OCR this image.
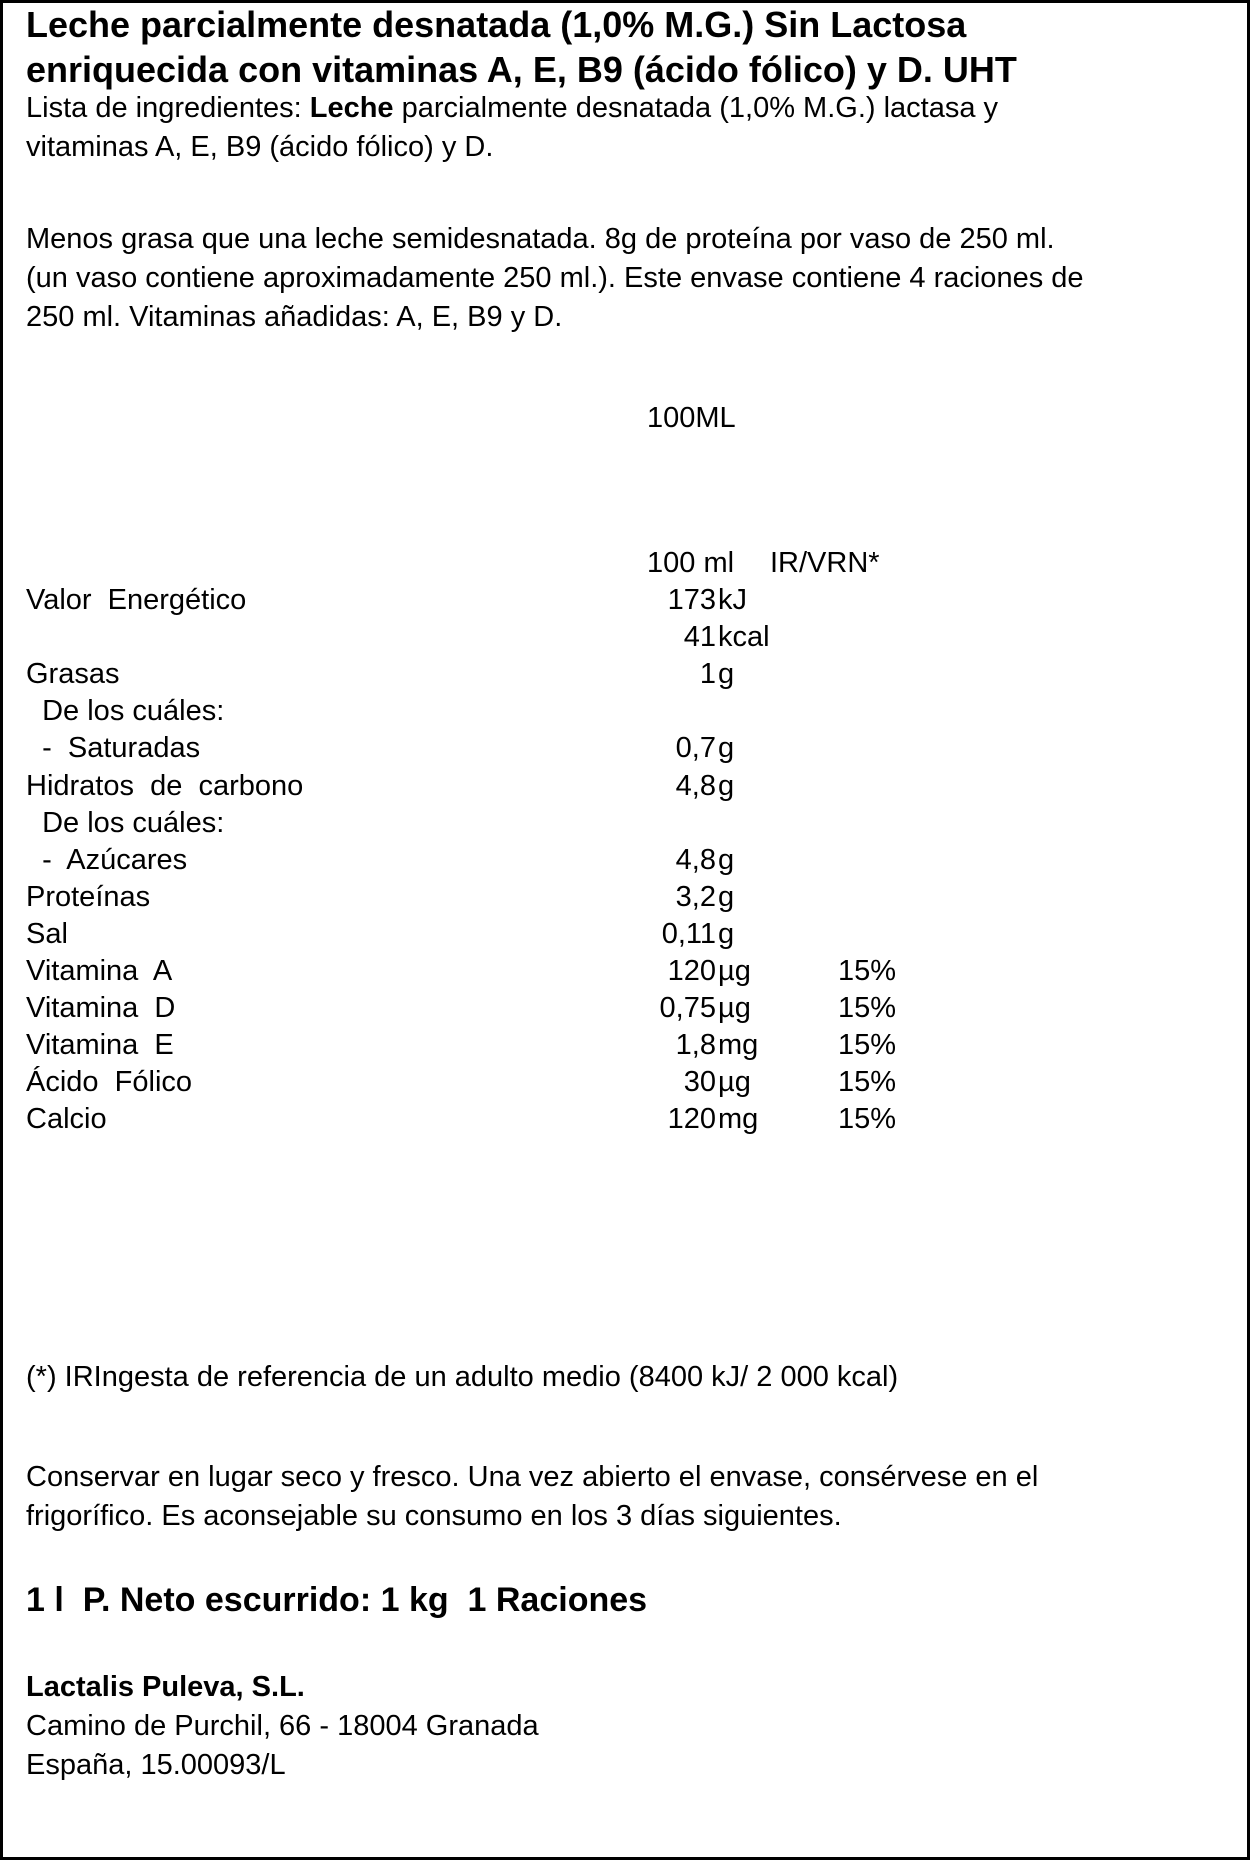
Leche parcialmente desnatada (1,0% M.G.) Sin Lactosa
enriquecida con vitaminas A, E, B9 (ácido fólico) y D. UHT
Lista de ingredientes: Leche parcialmente desnatada (1,0% M.G.) lactasa y
vitaminas A, E, B9 (ácido fólico) y D.
Menos grasa que una leche semidesnatada. 8g de proteína por vaso de 250 ml.
(un vaso contiene aproximadamente 250 ml.). Este envase contiene 4 raciones de
250 ml. Vitaminas añadidas: A, E, B9 y D.
100ML
100 ml IR/VRN*
Valor  Energético	173 kJ
41 kcal
Grasas	1 g
De los cuáles:
-  Saturadas	0,7 g
Hidratos  de  carbono	4,8 g
De los cuáles:
-  Azúcares	4,8 g
Proteínas	3,2 g
Sal	0,11 g
Vitamina  A	120 µg	15%
Vitamina  D	0,75 µg	15%
Vitamina  E	1,8 mg	15%
Ácido  Fólico	30 µg	15%
Calcio	120 mg	15%
(*) IRIngesta de referencia de un adulto medio (8400 kJ/ 2 000 kcal)
Conservar en lugar seco y fresco. Una vez abierto el envase, consérvese en el
frigorífico. Es aconsejable su consumo en los 3 días siguientes.
1 l  P. Neto escurrido: 1 kg  1 Raciones
Lactalis Puleva, S.L.
Camino de Purchil, 66 - 18004 Granada
España, 15.00093/L
